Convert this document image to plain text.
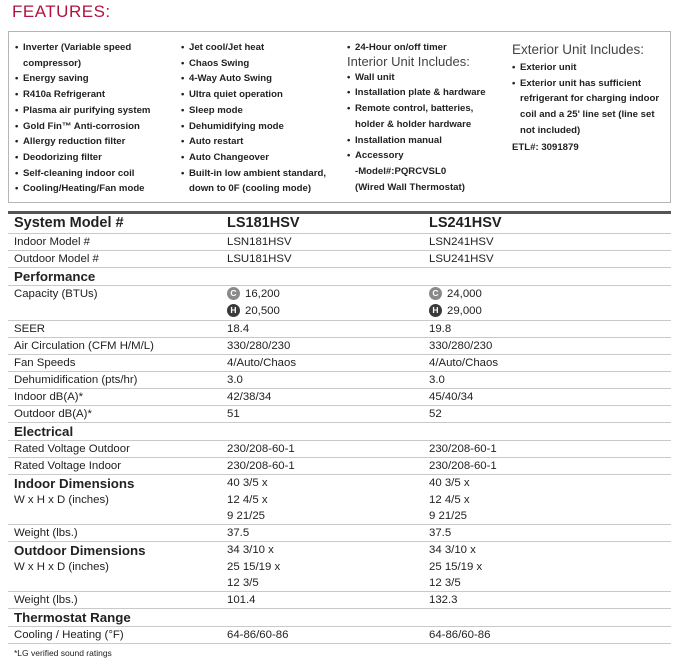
FEATURES:
• Inverter (Variable speed
compressor)
• Energy saving
• R410a Refrigerant
• Plasma air purifying system
• Gold Fin™ Anti-corrosion
• Allergy reduction filter
• Deodorizing filter
• Self-cleaning indoor coil
• Cooling/Heating/Fan mode
• Jet cool/Jet heat
• Chaos Swing
• 4-Way Auto Swing
• Ultra quiet operation
• Sleep mode
• Dehumidifying mode
• Auto restart
• Auto Changeover
• Built-in low ambient standard,
down to 0F (cooling mode)
• 24-Hour on/off timer
Interior Unit Includes:
• Wall unit
• Installation plate & hardware
• Remote control, batteries,
holder & holder hardware
• Installation manual
• Accessory
-Model#:PQRCVSL0
(Wired Wall Thermostat)
Exterior Unit Includes:
• Exterior unit
• Exterior unit has sufficient
refrigerant for charging indoor
coil and a 25' line set (line set
not included)
ETL#: 3091879
System Model #	LS181HSV	LS241HSV
Indoor Model #	LSN181HSV	LSN241HSV
Outdoor Model #	LSU181HSV	LSU241HSV
Performance		
Capacity (BTUs)	C 16,200	C 24,000
	H 20,500	H 29,000
SEER	18.4	19.8
Air Circulation (CFM H/M/L)	330/280/230	330/280/230
Fan Speeds	4/Auto/Chaos	4/Auto/Chaos
Dehumidification (pts/hr)	3.0	3.0
Indoor dB(A)*	42/38/34	45/40/34
Outdoor dB(A)*	51	52
Electrical		
Rated Voltage Outdoor	230/208-60-1	230/208-60-1
Rated Voltage Indoor	230/208-60-1	230/208-60-1
Indoor Dimensions	40 3/5 x	40 3/5 x
W x H x D (inches)	12 4/5 x	12 4/5 x
	9 21/25	9 21/25
Weight (lbs.)	37.5	37.5
Outdoor Dimensions	34 3/10 x	34 3/10 x
W x H x D (inches)	25 15/19 x	25 15/19 x
	12 3/5	12 3/5
Weight (lbs.)	101.4	132.3
Thermostat Range		
Cooling / Heating (°F)	64-86/60-86	64-86/60-86
*LG verified sound ratings
